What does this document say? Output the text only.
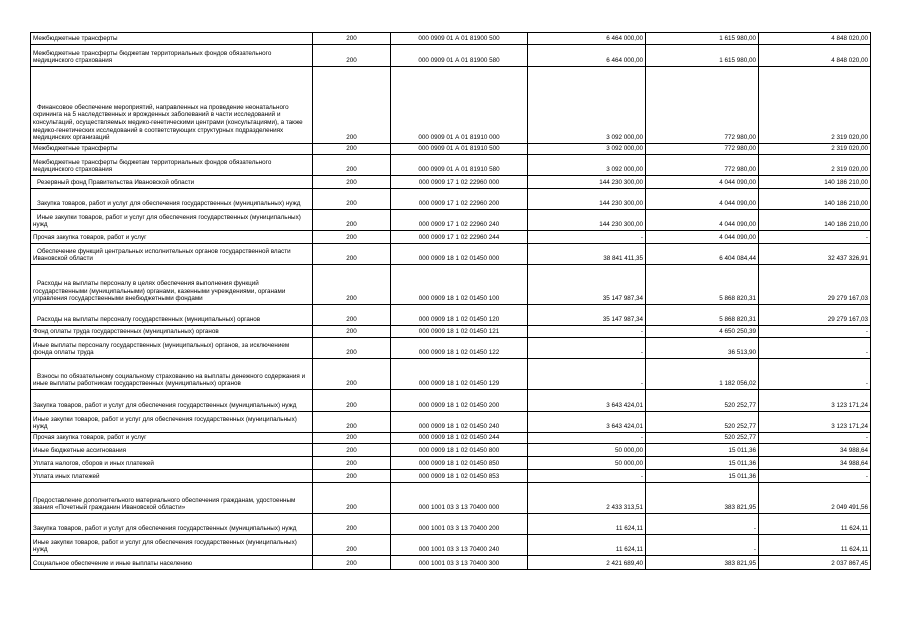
Межбюджетные трансферты	200	000 0909 01 А 01 81900 500	6 464 000,00	1 615 980,00	4 848 020,00
Межбюджетные трансферты бюджетам территориальных фондов обязательного медицинского страхования	200	000 0909 01 А 01 81900 580	6 464 000,00	1 615 980,00	4 848 020,00
Финансовое обеспечение мероприятий, направленных на проведение неонатального скрининга на 5 наследственных и врожденных заболеваний в части исследований и консультаций, осуществляемых медико-генетическими центрами (консультациями), а также медико-генетических исследований в соответствующих структурных подразделениях медицинских организаций	200	000 0909 01 А 01 81910 000	3 092 000,00	772 980,00	2 319 020,00
Межбюджетные трансферты	200	000 0909 01 А 01 81910 500	3 092 000,00	772 980,00	2 319 020,00
Межбюджетные трансферты бюджетам территориальных фондов обязательного медицинского страхования	200	000 0909 01 А 01 81910 580	3 092 000,00	772 980,00	2 319 020,00
Резервный фонд Правительства Ивановской области	200	000 0909 17 1 02 22960 000	144 230 300,00	4 044 090,00	140 186 210,00
Закупка товаров, работ и услуг для обеспечения государственных (муниципальных) нужд	200	000 0909 17 1 02 22960 200	144 230 300,00	4 044 090,00	140 186 210,00
Иные закупки товаров, работ и услуг для обеспечения государственных (муниципальных) нужд	200	000 0909 17 1 02 22960 240	144 230 300,00	4 044 090,00	140 186 210,00
Прочая закупка товаров, работ и услуг	200	000 0909 17 1 02 22960 244	-	4 044 090,00	-
Обеспечение функций центральных исполнительных органов государственной власти Ивановской области	200	000 0909 18 1 02 01450 000	38 841 411,35	6 404 084,44	32 437 326,91
Расходы на выплаты персоналу в целях обеспечения выполнения функций государственными (муниципальными) органами, казенными учреждениями, органами управления государственными внебюджетными фондами	200	000 0909 18 1 02 01450 100	35 147 987,34	5 868 820,31	29 279 167,03
Расходы на выплаты персоналу государственных (муниципальных) органов	200	000 0909 18 1 02 01450 120	35 147 987,34	5 868 820,31	29 279 167,03
Фонд оплаты труда государственных (муниципальных) органов	200	000 0909 18 1 02 01450 121	-	4 650 250,39	-
Иные выплаты персоналу государственных (муниципальных) органов, за исключением фонда оплаты труда	200	000 0909 18 1 02 01450 122	-	36 513,90	-
Взносы по обязательному социальному страхованию на выплаты денежного содержания и иные выплаты работникам государственных (муниципальных) органов	200	000 0909 18 1 02 01450 129	-	1 182 056,02	-
Закупка товаров, работ и услуг для обеспечения государственных (муниципальных) нужд	200	000 0909 18 1 02 01450 200	3 643 424,01	520 252,77	3 123 171,24
Иные закупки товаров, работ и услуг для обеспечения государственных (муниципальных) нужд	200	000 0909 18 1 02 01450 240	3 643 424,01	520 252,77	3 123 171,24
Прочая закупка товаров, работ и услуг	200	000 0909 18 1 02 01450 244	-	520 252,77	-
Иные бюджетные ассигнования	200	000 0909 18 1 02 01450 800	50 000,00	15 011,36	34 988,64
Уплата налогов, сборов и иных платежей	200	000 0909 18 1 02 01450 850	50 000,00	15 011,36	34 988,64
Уплата иных платежей	200	000 0909 18 1 02 01450 853	-	15 011,36	-
Предоставление дополнительного материального обеспечения гражданам, удостоенным звания «Почетный гражданин Ивановской области»	200	000 1001 03 3 13 70400 000	2 433 313,51	383 821,95	2 049 491,56
Закупка товаров, работ и услуг для обеспечения государственных (муниципальных) нужд	200	000 1001 03 3 13 70400 200	11 624,11	-	11 624,11
Иные закупки товаров, работ и услуг для обеспечения государственных (муниципальных) нужд	200	000 1001 03 3 13 70400 240	11 624,11	-	11 624,11
Социальное обеспечение и иные выплаты населению	200	000 1001 03 3 13 70400 300	2 421 689,40	383 821,95	2 037 867,45
